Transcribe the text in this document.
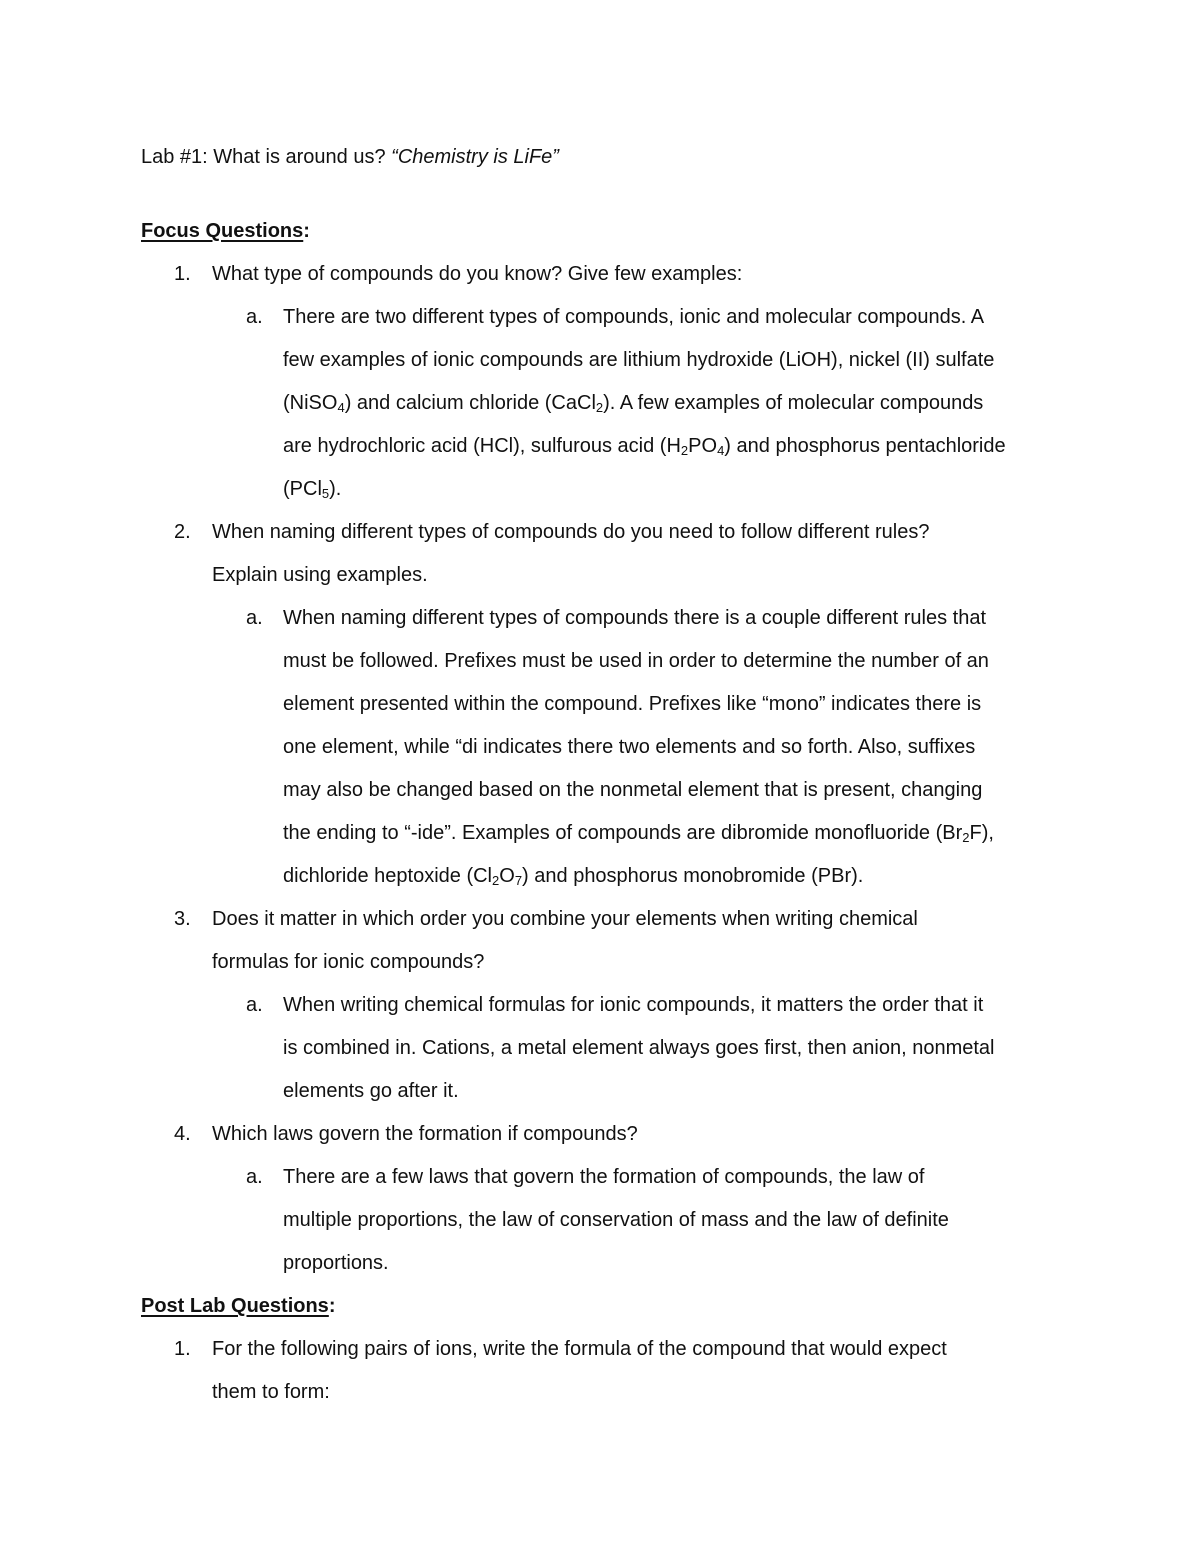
Lab #1: What is around us? “Chemistry is LiFe”
Focus Questions:
1. What type of compounds do you know? Give few examples:
a. There are two different types of compounds, ionic and molecular compounds. A
few examples of ionic compounds are lithium hydroxide (LiOH), nickel (II) sulfate
(NiSO$_4$) and calcium chloride (CaCl$_2$). A few examples of molecular compounds
are hydrochloric acid (HCl), sulfurous acid $(H_2PO_4)$ and phosphorus pentachloride
(PCl$_5$).
2. When naming different types of compounds do you need to follow different rules?
Explain using examples.
a. When naming different types of compounds there is a couple different rules that
must be followed. Prefixes must be used in order to determine the number of an
element presented within the compound. Prefixes like “mono” indicates there is
one element, while “di indicates there two elements and so forth. Also, suffixes
may also be changed based on the nonmetal element that is present, changing
the ending to “-ide”. Examples of compounds are dibromide monofluoride $(Br_2F)$,
dichloride heptoxide $(Cl_2O_7)$ and phosphorus monobromide (PBr).
3. Does it matter in which order you combine your elements when writing chemical
formulas for ionic compounds?
a. When writing chemical formulas for ionic compounds, it matters the order that it
is combined in. Cations, a metal element always goes first, then anion, nonmetal
elements go after it.
4. Which laws govern the formation if compounds?
a. There are a few laws that govern the formation of compounds, the law of
multiple proportions, the law of conservation of mass and the law of definite
proportions.
Post Lab Questions:
1. For the following pairs of ions, write the formula of the compound that would expect
them to form:
